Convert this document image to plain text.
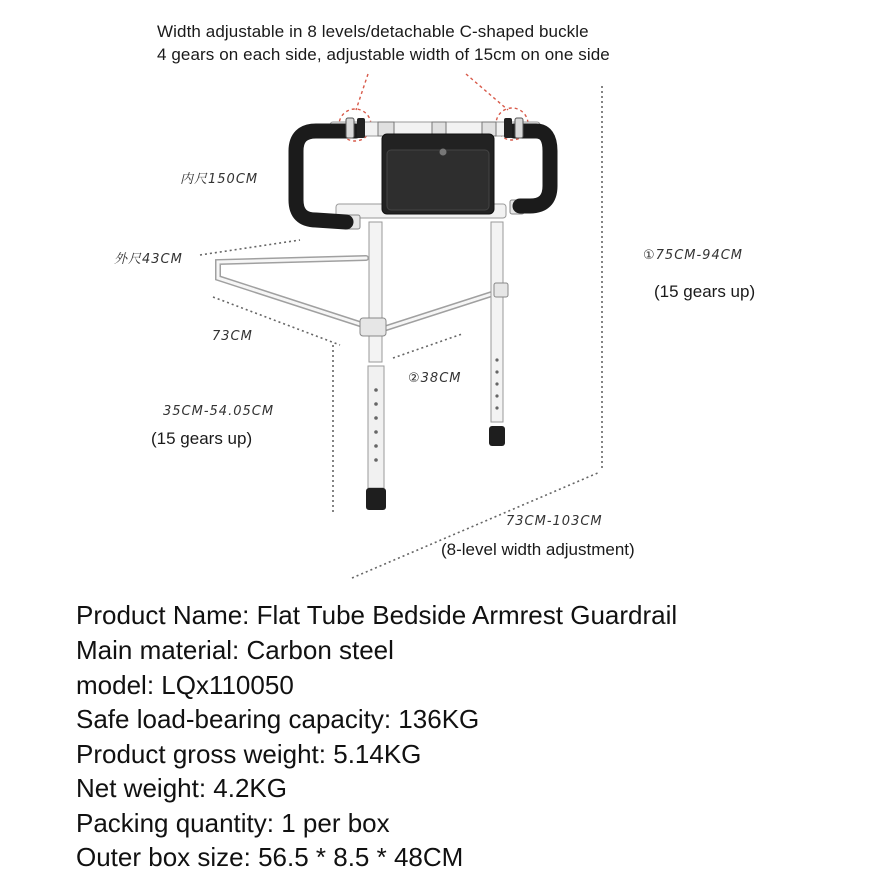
Width adjustable in 8 levels/detachable C-shaped buckle
4 gears on each side, adjustable width of 15cm on one side
内尺150CM
外尺43CM
73CM
②38CM
35CM-54.05CM
(15 gears up)
①75CM-94CM
(15 gears up)
73CM-103CM
(8-level width adjustment)
Product Name: Flat Tube Bedside Armrest Guardrail
Main material: Carbon steel
model: LQx110050
Safe load-bearing capacity: 136KG
Product gross weight: 5.14KG
Net weight: 4.2KG
Packing quantity: 1 per box
Outer box size: 56.5 * 8.5 * 48CM
